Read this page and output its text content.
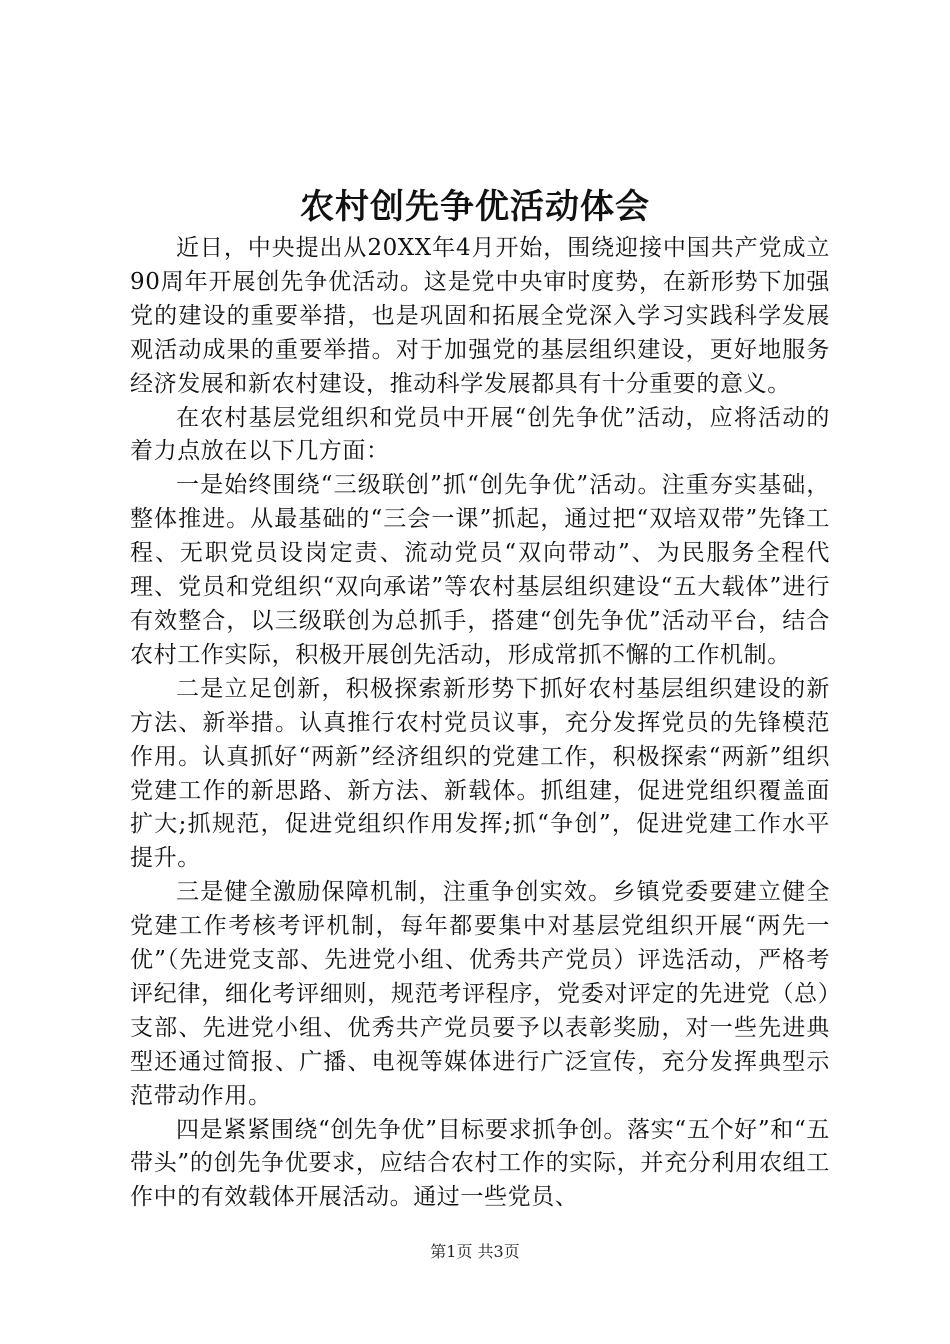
农村创先争优活动体会

近日，中央提出从20XX年4月开始，围绕迎接中国共产党成立90周年开展创先争优活动。这是党中央审时度势，在新形势下加强党的建设的重要举措，也是巩固和拓展全党深入学习实践科学发展观活动成果的重要举措。对于加强党的基层组织建设，更好地服务经济发展和新农村建设，推动科学发展都具有十分重要的意义。

在农村基层党组织和党员中开展“创先争优”活动，应将活动的着力点放在以下几方面：

一是始终围绕“三级联创”抓“创先争优”活动。注重夯实基础，整体推进。从最基础的“三会一课”抓起，通过把“双培双带”先锋工程、无职党员设岗定责、流动党员“双向带动”、为民服务全程代理、党员和党组织“双向承诺”等农村基层组织建设“五大载体”进行有效整合，以三级联创为总抓手，搭建“创先争优”活动平台，结合农村工作实际，积极开展创先活动，形成常抓不懈的工作机制。

二是立足创新，积极探索新形势下抓好农村基层组织建设的新方法、新举措。认真推行农村党员议事，充分发挥党员的先锋模范作用。认真抓好“两新”经济组织的党建工作，积极探索“两新”组织党建工作的新思路、新方法、新载体。抓组建，促进党组织覆盖面扩大;抓规范，促进党组织作用发挥;抓“争创”，促进党建工作水平提升。

三是健全激励保障机制，注重争创实效。乡镇党委要建立健全党建工作考核考评机制，每年都要集中对基层党组织开展“两先一优”（先进党支部、先进党小组、优秀共产党员）评选活动，严格考评纪律，细化考评细则，规范考评程序，党委对评定的先进党（总）支部、先进党小组、优秀共产党员要予以表彰奖励，对一些先进典型还通过简报、广播、电视等媒体进行广泛宣传，充分发挥典型示范带动作用。

四是紧紧围绕“创先争优”目标要求抓争创。落实“五个好”和“五带头”的创先争优要求，应结合农村工作的实际，并充分利用农组工作中的有效载体开展活动。通过一些党员、

第1页 共3页
